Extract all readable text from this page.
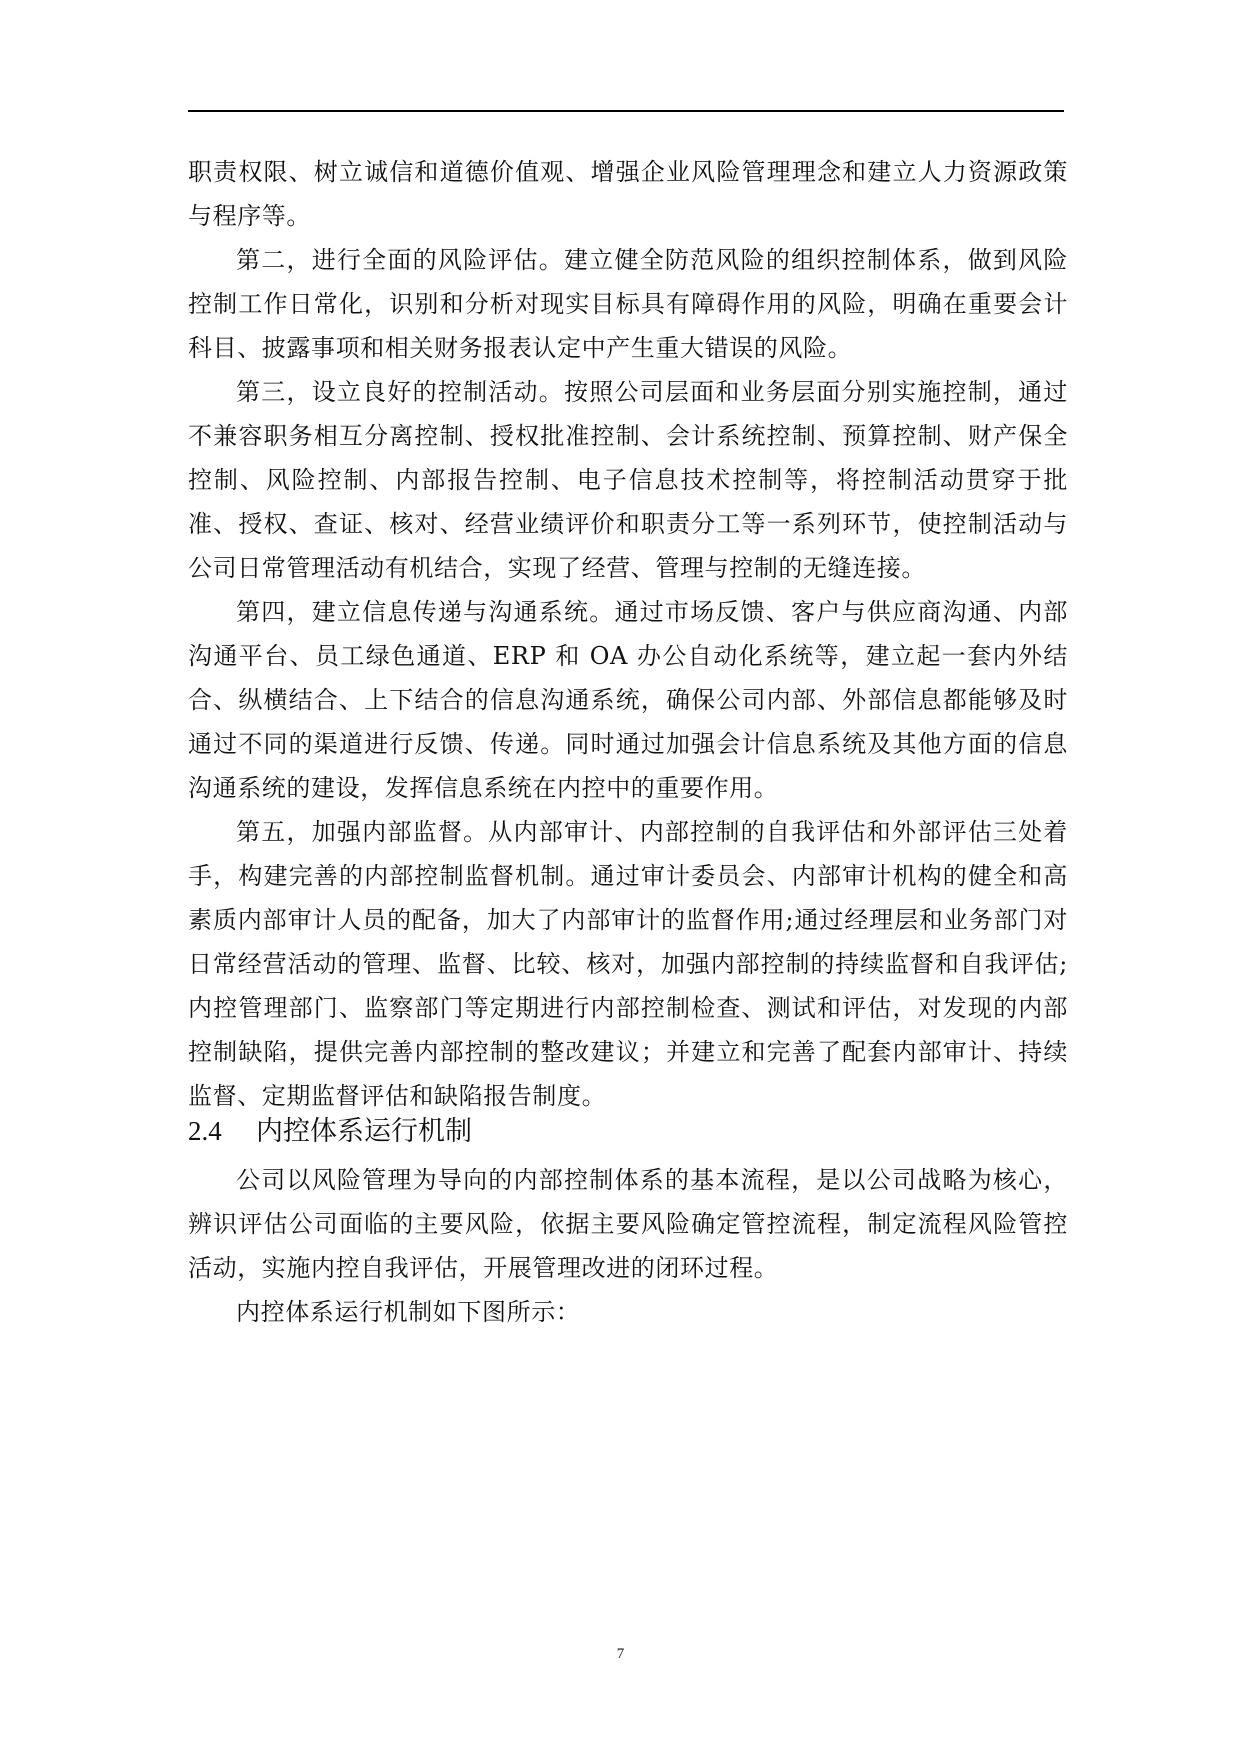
职责权限、树立诚信和道德价值观、增强企业风险管理理念和建立人力资源政策与程序等。

第二，进行全面的风险评估。建立健全防范风险的组织控制体系，做到风险控制工作日常化，识别和分析对现实目标具有障碍作用的风险，明确在重要会计科目、披露事项和相关财务报表认定中产生重大错误的风险。

第三，设立良好的控制活动。按照公司层面和业务层面分别实施控制，通过不兼容职务相互分离控制、授权批准控制、会计系统控制、预算控制、财产保全控制、风险控制、内部报告控制、电子信息技术控制等，将控制活动贯穿于批准、授权、查证、核对、经营业绩评价和职责分工等一系列环节，使控制活动与公司日常管理活动有机结合，实现了经营、管理与控制的无缝连接。

第四，建立信息传递与沟通系统。通过市场反馈、客户与供应商沟通、内部沟通平台、员工绿色通道、ERP 和 OA 办公自动化系统等，建立起一套内外结合、纵横结合、上下结合的信息沟通系统，确保公司内部、外部信息都能够及时通过不同的渠道进行反馈、传递。同时通过加强会计信息系统及其他方面的信息沟通系统的建设，发挥信息系统在内控中的重要作用。

第五，加强内部监督。从内部审计、内部控制的自我评估和外部评估三处着手，构建完善的内部控制监督机制。通过审计委员会、内部审计机构的健全和高素质内部审计人员的配备，加大了内部审计的监督作用;通过经理层和业务部门对日常经营活动的管理、监督、比较、核对，加强内部控制的持续监督和自我评估;内控管理部门、监察部门等定期进行内部控制检查、测试和评估，对发现的内部控制缺陷，提供完善内部控制的整改建议；并建立和完善了配套内部审计、持续监督、定期监督评估和缺陷报告制度。

2.4 内控体系运行机制

公司以风险管理为导向的内部控制体系的基本流程，是以公司战略为核心，辨识评估公司面临的主要风险，依据主要风险确定管控流程，制定流程风险管控活动，实施内控自我评估，开展管理改进的闭环过程。

内控体系运行机制如下图所示：

7
